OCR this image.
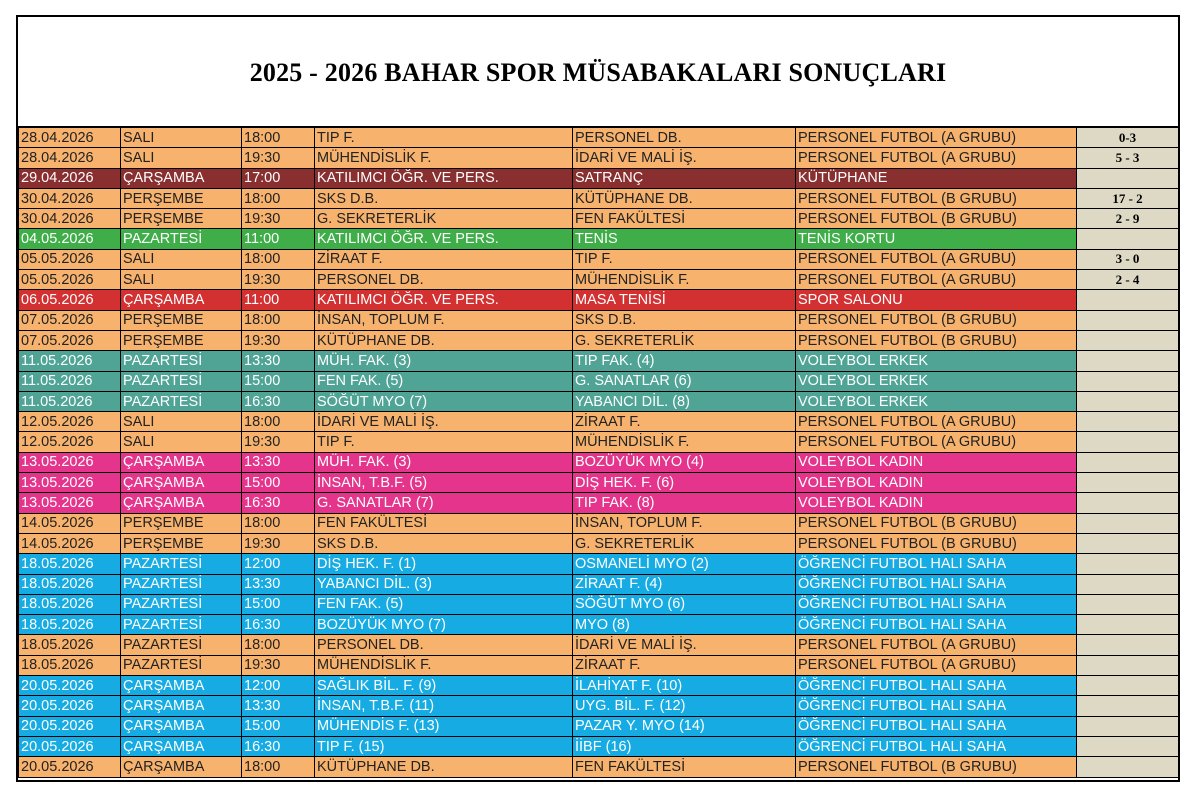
2025 - 2026 BAHAR SPOR MÜSABAKALARI SONUÇLARI
28.04.2026	SALI	18:00	TIP F.	PERSONEL DB.	PERSONEL FUTBOL (A GRUBU)	0-3
28.04.2026	SALI	19:30	MÜHENDİSLİK F.	İDARİ VE MALİ İŞ.	PERSONEL FUTBOL (A GRUBU)	5 - 3
29.04.2026	ÇARŞAMBA	17:00	KATILIMCI ÖĞR. VE PERS.	SATRANÇ	KÜTÜPHANE	
30.04.2026	PERŞEMBE	18:00	SKS D.B.	KÜTÜPHANE DB.	PERSONEL FUTBOL (B GRUBU)	17 - 2
30.04.2026	PERŞEMBE	19:30	G. SEKRETERLİK	FEN FAKÜLTESİ	PERSONEL FUTBOL (B GRUBU)	2 - 9
04.05.2026	PAZARTESİ	11:00	KATILIMCI ÖĞR. VE PERS.	TENİS	TENİS KORTU	
05.05.2026	SALI	18:00	ZİRAAT F.	TIP F.	PERSONEL FUTBOL (A GRUBU)	3 - 0
05.05.2026	SALI	19:30	PERSONEL DB.	MÜHENDİSLİK F.	PERSONEL FUTBOL (A GRUBU)	2 - 4
06.05.2026	ÇARŞAMBA	11:00	KATILIMCI ÖĞR. VE PERS.	MASA TENİSİ	SPOR SALONU	
07.05.2026	PERŞEMBE	18:00	İNSAN, TOPLUM F.	SKS D.B.	PERSONEL FUTBOL (B GRUBU)	
07.05.2026	PERŞEMBE	19:30	KÜTÜPHANE DB.	G. SEKRETERLİK	PERSONEL FUTBOL (B GRUBU)	
11.05.2026	PAZARTESİ	13:30	MÜH. FAK. (3)	TIP FAK. (4)	VOLEYBOL ERKEK	
11.05.2026	PAZARTESİ	15:00	FEN FAK. (5)	G. SANATLAR (6)	VOLEYBOL ERKEK	
11.05.2026	PAZARTESİ	16:30	SÖĞÜT MYO (7)	YABANCI DİL. (8)	VOLEYBOL ERKEK	
12.05.2026	SALI	18:00	İDARİ VE MALİ İŞ.	ZİRAAT F.	PERSONEL FUTBOL (A GRUBU)	
12.05.2026	SALI	19:30	TIP F.	MÜHENDİSLİK F.	PERSONEL FUTBOL (A GRUBU)	
13.05.2026	ÇARŞAMBA	13:30	MÜH. FAK. (3)	BOZÜYÜK MYO (4)	VOLEYBOL KADIN	
13.05.2026	ÇARŞAMBA	15:00	İNSAN, T.B.F. (5)	DİŞ HEK. F. (6)	VOLEYBOL KADIN	
13.05.2026	ÇARŞAMBA	16:30	G. SANATLAR (7)	TIP FAK. (8)	VOLEYBOL KADIN	
14.05.2026	PERŞEMBE	18:00	FEN FAKÜLTESİ	İNSAN, TOPLUM F.	PERSONEL FUTBOL (B GRUBU)	
14.05.2026	PERŞEMBE	19:30	SKS D.B.	G. SEKRETERLİK	PERSONEL FUTBOL (B GRUBU)	
18.05.2026	PAZARTESİ	12:00	DİŞ HEK. F. (1)	OSMANELİ MYO (2)	ÖĞRENCİ FUTBOL HALI SAHA	
18.05.2026	PAZARTESİ	13:30	YABANCI DİL. (3)	ZİRAAT F. (4)	ÖĞRENCİ FUTBOL HALI SAHA	
18.05.2026	PAZARTESİ	15:00	FEN FAK. (5)	SÖĞÜT MYO (6)	ÖĞRENCİ FUTBOL HALI SAHA	
18.05.2026	PAZARTESİ	16:30	BOZÜYÜK MYO (7)	MYO (8)	ÖĞRENCİ FUTBOL HALI SAHA	
18.05.2026	PAZARTESİ	18:00	PERSONEL DB.	İDARİ VE MALİ İŞ.	PERSONEL FUTBOL (A GRUBU)	
18.05.2026	PAZARTESİ	19:30	MÜHENDİSLİK F.	ZİRAAT F.	PERSONEL FUTBOL (A GRUBU)	
20.05.2026	ÇARŞAMBA	12:00	SAĞLIK BİL. F. (9)	İLAHİYAT F. (10)	ÖĞRENCİ FUTBOL HALI SAHA	
20.05.2026	ÇARŞAMBA	13:30	İNSAN, T.B.F. (11)	UYG. BİL. F. (12)	ÖĞRENCİ FUTBOL HALI SAHA	
20.05.2026	ÇARŞAMBA	15:00	MÜHENDİS F. (13)	PAZAR Y. MYO (14)	ÖĞRENCİ FUTBOL HALI SAHA	
20.05.2026	ÇARŞAMBA	16:30	TIP F. (15)	İİBF (16)	ÖĞRENCİ FUTBOL HALI SAHA	
20.05.2026	ÇARŞAMBA	18:00	KÜTÜPHANE DB.	FEN FAKÜLTESİ	PERSONEL FUTBOL (B GRUBU)	
